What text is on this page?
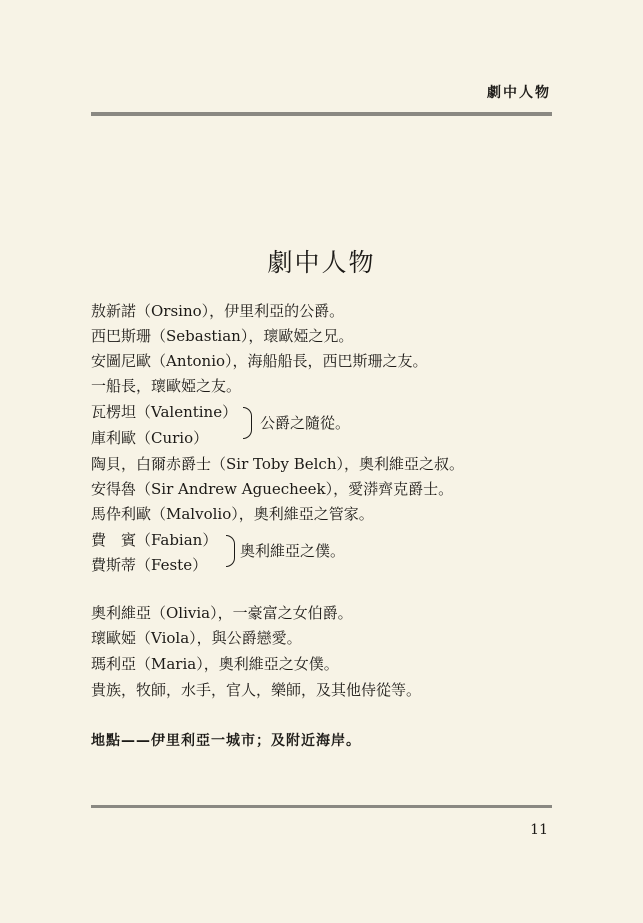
劇中人物
劇中人物
敖新諾（Orsino），伊里利亞的公爵。
西巴斯珊（Sebastian），瓌歐婭之兄。
安圖尼歐（Antonio），海船船長，西巴斯珊之友。
一船長，瓌歐婭之友。
瓦楞坦（Valentine）
庫利歐（Curio）
公爵之隨從。
陶貝，白爾赤爵士（Sir Toby Belch），奧利維亞之叔。
安得魯（Sir Andrew Aguecheek），愛漭齊克爵士。
馬伜利歐（Malvolio），奧利維亞之管家。
費　賓（Fabian）
費斯蒂（Feste）
奧利維亞之僕。
奧利維亞（Olivia），一豪富之女伯爵。
瓌歐婭（Viola），與公爵戀愛。
瑪利亞（Maria），奧利維亞之女僕。
貴族，牧師，水手，官人，樂師，及其他侍從等。
地點——伊里利亞一城市；及附近海岸。
11
